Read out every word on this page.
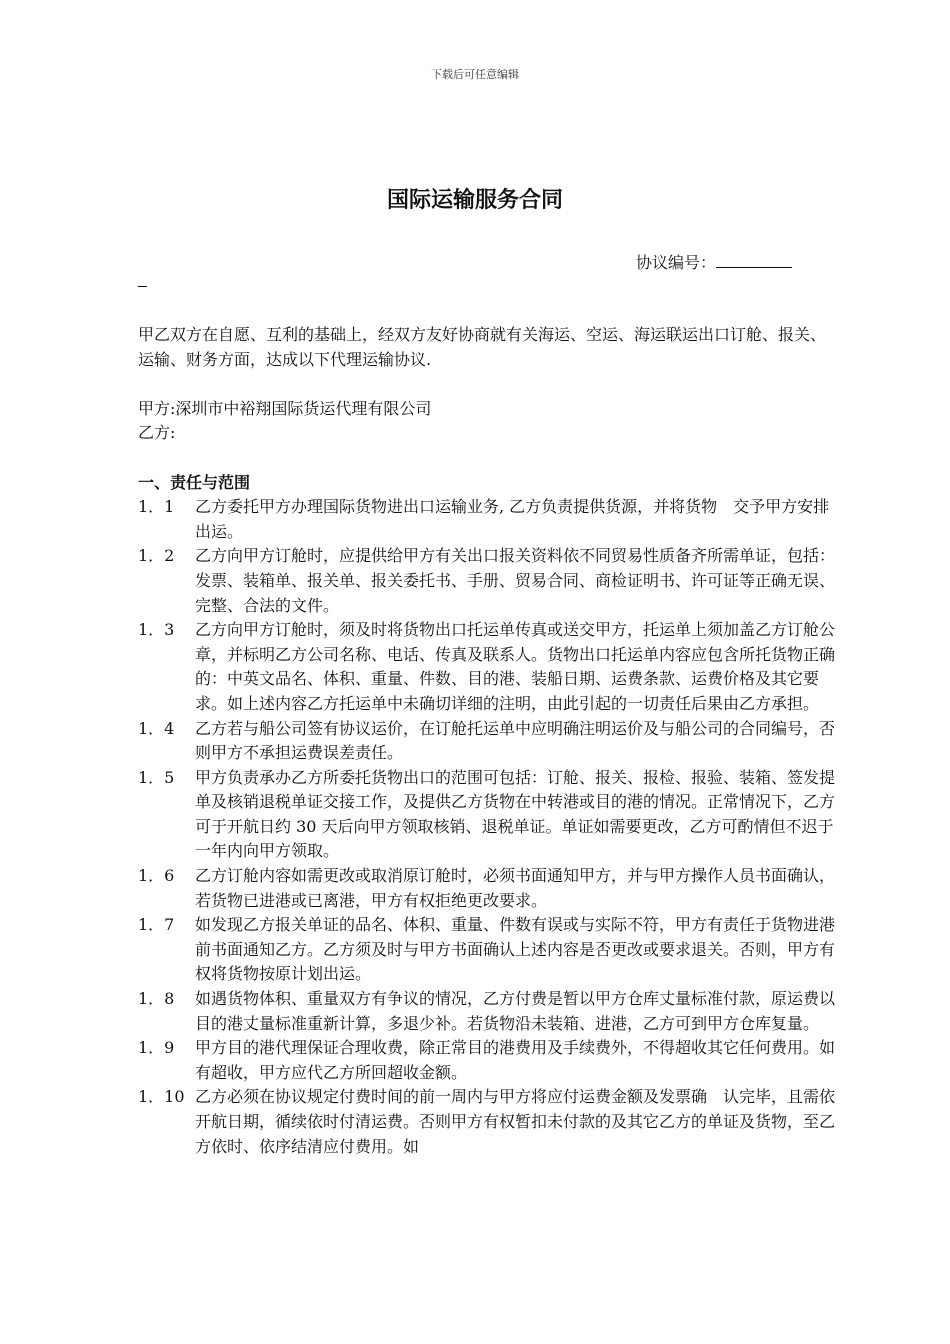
下载后可任意编辑
国际运输服务合同
协议编号：

甲乙双方在自愿、互利的基础上，经双方友好协商就有关海运、空运、海运联运出口订舱、报关、运输、财务方面，达成以下代理运输协议.

甲方:深圳市中裕翔国际货运代理有限公司
乙方:
一、责任与范围
1．1 乙方委托甲方办理国际货物进出口运输业务, 乙方负责提供货源，并将货物　交予甲方安排出运。
1．2 乙方向甲方订舱时，应提供给甲方有关出口报关资料依不同贸易性质备齐所需单证，包括：发票、装箱单、报关单、报关委托书、手册、贸易合同、商检证明书、许可证等正确无误、完整、合法的文件。
1．3 乙方向甲方订舱时，须及时将货物出口托运单传真或送交甲方，托运单上须加盖乙方订舱公章，并标明乙方公司名称、电话、传真及联系人。货物出口托运单内容应包含所托货物正确的：中英文品名、体积、重量、件数、目的港、装船日期、运费条款、运费价格及其它要求。如上述内容乙方托运单中未确切详细的注明，由此引起的一切责任后果由乙方承担。
1．4 乙方若与船公司签有协议运价，在订舱托运单中应明确注明运价及与船公司的合同编号，否则甲方不承担运费误差责任。
1．5 甲方负责承办乙方所委托货物出口的范围可包括：订舱、报关、报检、报验、装箱、签发提单及核销退税单证交接工作，及提供乙方货物在中转港或目的港的情况。正常情况下，乙方可于开航日约 30 天后向甲方领取核销、退税单证。单证如需要更改，乙方可酌情但不迟于一年内向甲方领取。
1．6 乙方订舱内容如需更改或取消原订舱时，必须书面通知甲方，并与甲方操作人员书面确认，若货物已进港或已离港，甲方有权拒绝更改要求。
1．7 如发现乙方报关单证的品名、体积、重量、件数有误或与实际不符，甲方有责任于货物进港前书面通知乙方。乙方须及时与甲方书面确认上述内容是否更改或要求退关。否则，甲方有权将货物按原计划出运。
1．8 如遇货物体积、重量双方有争议的情况，乙方付费是暂以甲方仓库丈量标准付款，原运费以目的港丈量标准重新计算，多退少补。若货物沿未装箱、进港，乙方可到甲方仓库复量。
1．9 甲方目的港代理保证合理收费，除正常目的港费用及手续费外，不得超收其它任何费用。如有超收，甲方应代乙方所回超收金额。
1．10 乙方必须在协议规定付费时间的前一周内与甲方将应付运费金额及发票确　认完毕，且需依开航日期，循续依时付清运费。否则甲方有权暂扣未付款的及其它乙方的单证及货物，至乙方依时、依序结清应付费用。如
